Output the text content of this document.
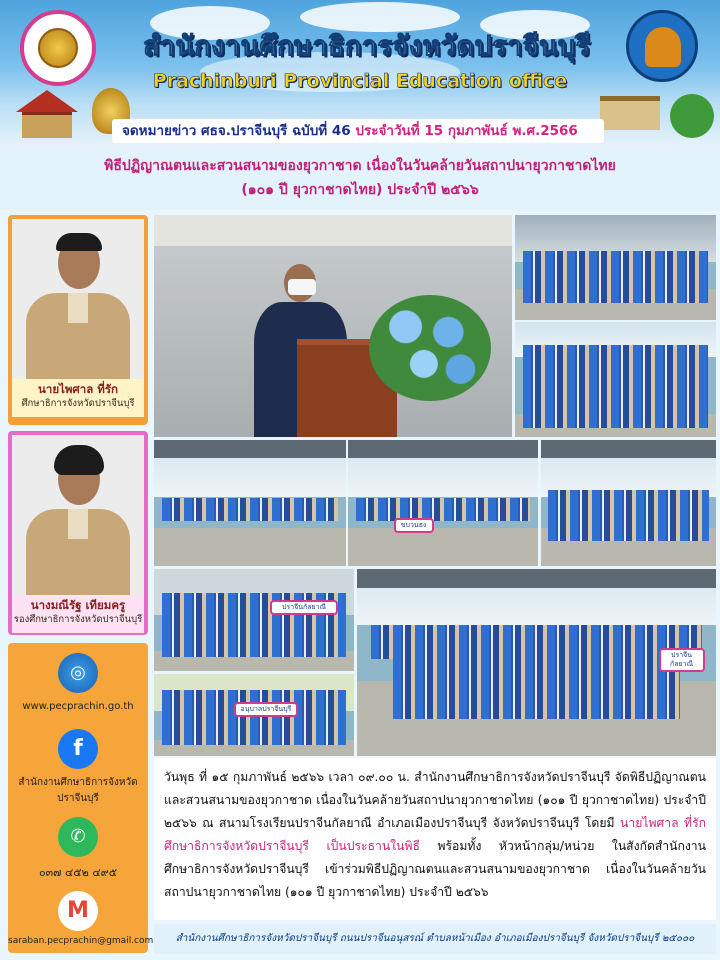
สำนักงานศึกษาธิการจังหวัดปราจีนบุรี
Prachinburi Provincial Education office
จดหมายข่าว ศธจ.ปราจีนบุรี ฉบับที่ 46 ประจำวันที่ 15 กุมภาพันธ์ พ.ศ.2566
พิธีปฏิญาณตนและสวนสนามของยุวกาชาด เนื่องในวันคล้ายวันสถาปนายุวกาชาดไทย
(๑๐๑ ปี ยุวกาชาดไทย) ประจำปี ๒๕๖๖
นายไพศาล ที่รัก
ศึกษาธิการจังหวัดปราจีนบุรี
นางมณีรัฐ เทียมครู
รองศึกษาธิการจังหวัดปราจีนบุรี
◎
www.pecprachin.go.th
f
สำนักงานศึกษาธิการจังหวัดปราจีนบุรี
✆
๐๓๗ ๔๕๒ ๔๙๕
M
saraban.pecprachin@gmail.com
ขบวนธง
ปราจีนกัลยาณี
อนุบาลปราจีนบุรี
ปราจีนกัลยาณี
วันพุธ ที่ ๑๕ กุมภาพันธ์ ๒๕๖๖ เวลา ๐๙.๐๐ น. สำนักงานศึกษาธิการจังหวัดปราจีนบุรี จัดพิธีปฏิญาณตนและสวนสนามของยุวกาชาด เนื่องในวันคล้ายวันสถาปนายุวกาชาดไทย (๑๐๑ ปี ยุวกาชาดไทย) ประจำปี ๒๕๖๖ ณ สนามโรงเรียนปราจีนกัลยาณี อำเภอเมืองปราจีนบุรี จังหวัดปราจีนบุรี โดยมี นายไพศาล ที่รัก ศึกษาธิการจังหวัดปราจีนบุรี เป็นประธานในพิธี พร้อมทั้ง หัวหน้ากลุ่ม/หน่วย ในสังกัดสำนักงานศึกษาธิการจังหวัดปราจีนบุรี เข้าร่วมพิธีปฏิญาณตนและสวนสนามของยุวกาชาด เนื่องในวันคล้ายวันสถาปนายุวกาชาดไทย (๑๐๑ ปี ยุวกาชาดไทย) ประจำปี ๒๕๖๖
สำนักงานศึกษาธิการจังหวัดปราจีนบุรี ถนนปราจีนอนุสรณ์ ตำบลหน้าเมือง อำเภอเมืองปราจีนบุรี จังหวัดปราจีนบุรี ๒๕๐๐๐
